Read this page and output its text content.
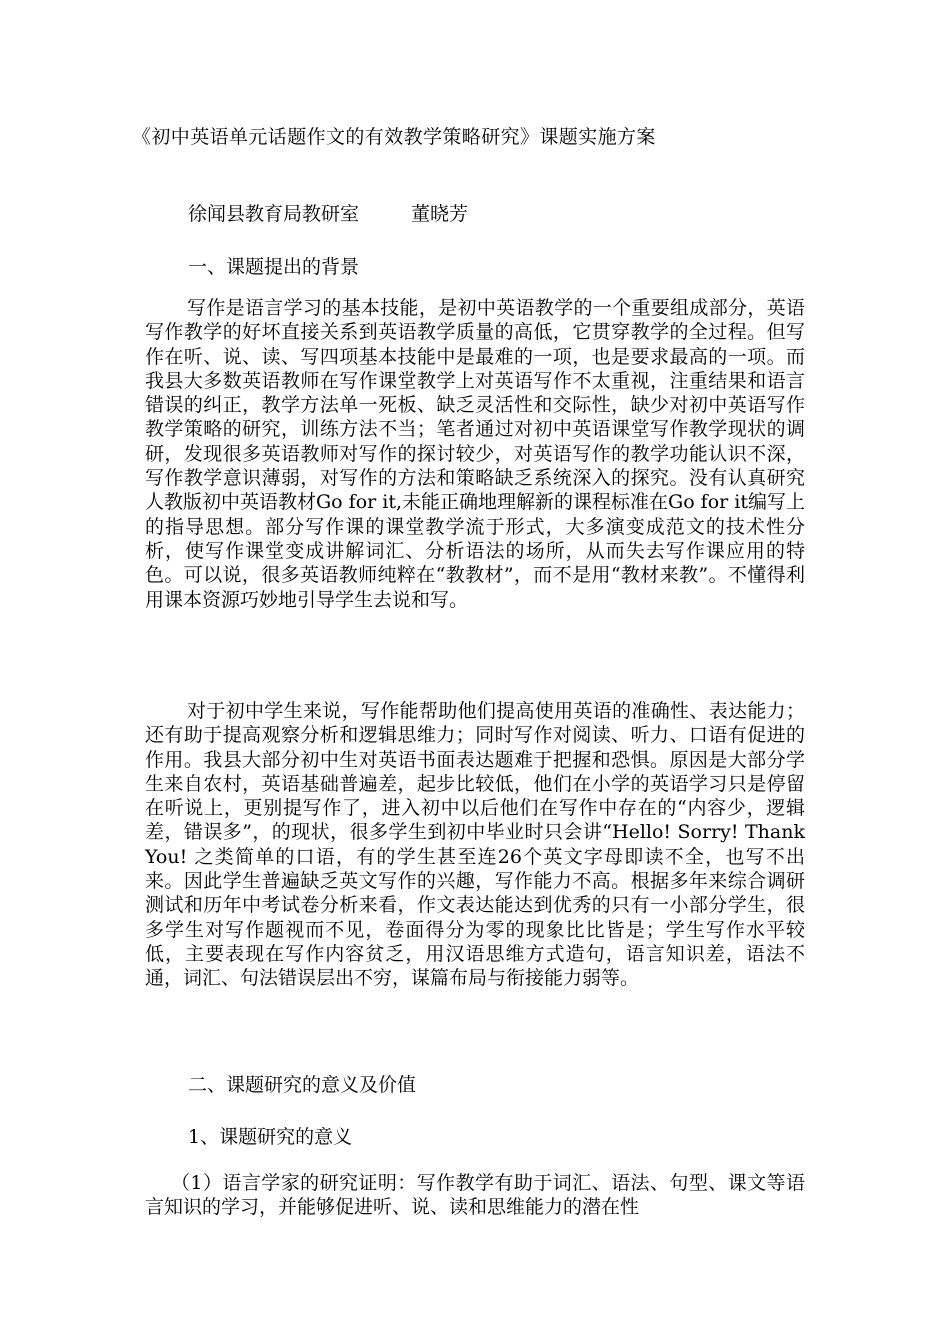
《初中英语单元话题作文的有效教学策略研究》课题实施方案
徐闻县教育局教研室	董晓芳
一、课题提出的背景
写作是语言学习的基本技能，是初中英语教学的一个重要组成部分，英语写作教学的好坏直接关系到英语教学质量的高低，它贯穿教学的全过程。但写作在听、说、读、写四项基本技能中是最难的一项，也是要求最高的一项。而我县大多数英语教师在写作课堂教学上对英语写作不太重视，注重结果和语言错误的纠正，教学方法单一死板、缺乏灵活性和交际性，缺少对初中英语写作教学策略的研究，训练方法不当；笔者通过对初中英语课堂写作教学现状的调研，发现很多英语教师对写作的探讨较少，对英语写作的教学功能认识不深，写作教学意识薄弱，对写作的方法和策略缺乏系统深入的探究。没有认真研究人教版初中英语教材Go for it,未能正确地理解新的课程标准在Go for it编写上的指导思想。部分写作课的课堂教学流于形式，大多演变成范文的技术性分析，使写作课堂变成讲解词汇、分析语法的场所，从而失去写作课应用的特色。可以说，很多英语教师纯粹在“教教材”，而不是用“教材来教”。不懂得利用课本资源巧妙地引导学生去说和写。
对于初中学生来说，写作能帮助他们提高使用英语的准确性、表达能力；还有助于提高观察分析和逻辑思维力；同时写作对阅读、听力、口语有促进的作用。我县大部分初中生对英语书面表达题难于把握和恐惧。原因是大部分学生来自农村，英语基础普遍差，起步比较低，他们在小学的英语学习只是停留在听说上，更别提写作了，进入初中以后他们在写作中存在的“内容少，逻辑差，错误多”，的现状，很多学生到初中毕业时只会讲“Hello! Sorry! Thank You! 之类简单的口语，有的学生甚至连26个英文字母即读不全，也写不出来。因此学生普遍缺乏英文写作的兴趣，写作能力不高。根据多年来综合调研测试和历年中考试卷分析来看，作文表达能达到优秀的只有一小部分学生，很多学生对写作题视而不见，卷面得分为零的现象比比皆是；学生写作水平较低，主要表现在写作内容贫乏，用汉语思维方式造句，语言知识差，语法不通，词汇、句法错误层出不穷，谋篇布局与衔接能力弱等。
二、课题研究的意义及价值
1、课题研究的意义
（1）语言学家的研究证明：写作教学有助于词汇、语法、句型、课文等语言知识的学习，并能够促进听、说、读和思维能力的潜在性
